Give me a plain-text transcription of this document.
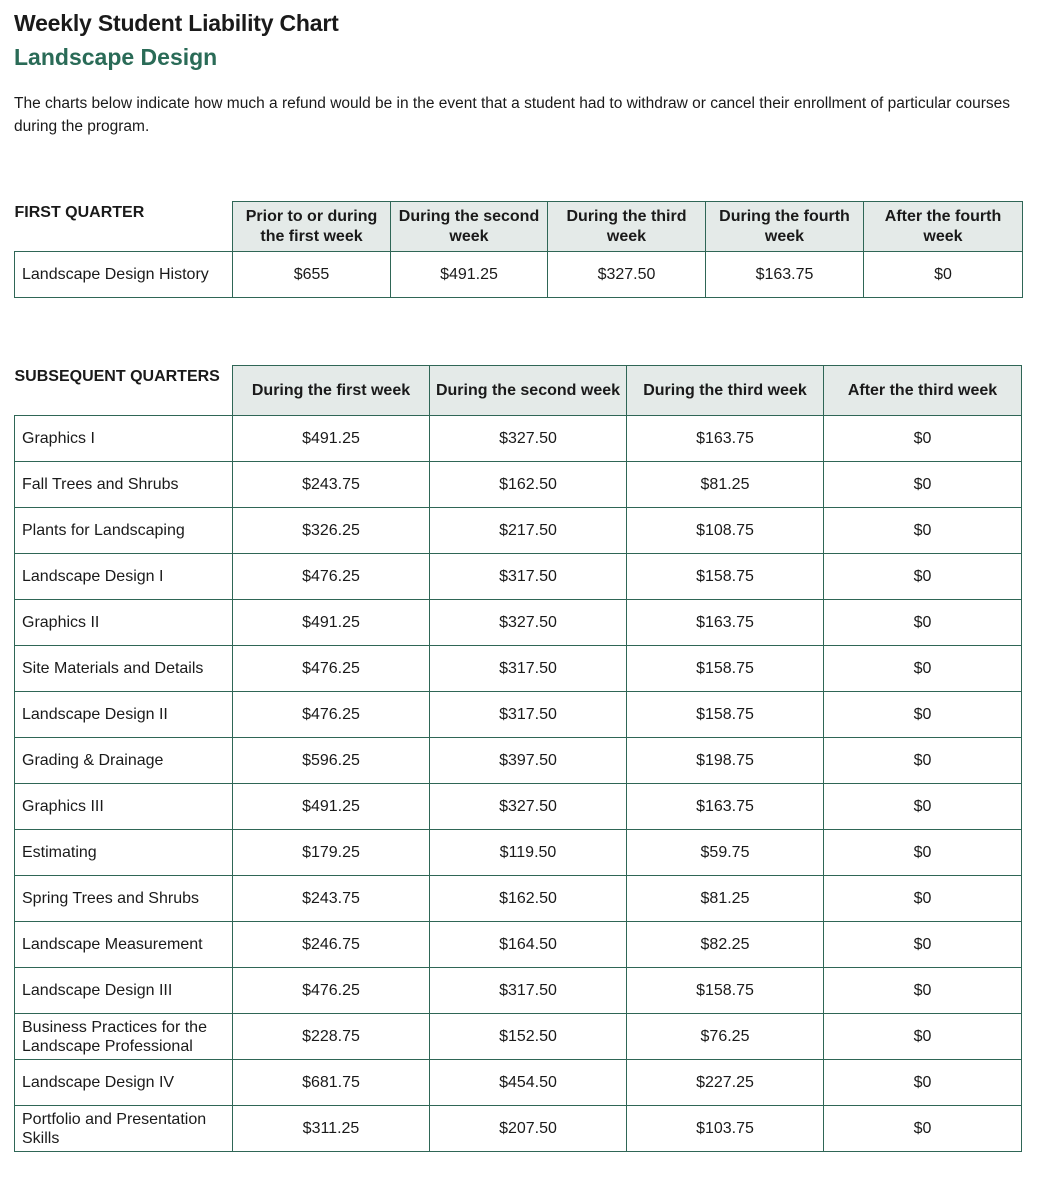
Weekly Student Liability Chart
Landscape Design
The charts below indicate how much a refund would be in the event that a student had to withdraw or cancel their enrollment of particular courses during the program.
FIRST QUARTER	Prior to or during the first week	During the second week	During the third week	During the fourth week	After the fourth week
Landscape Design History	$655	$491.25	$327.50	$163.75	$0
SUBSEQUENT QUARTERS	During the first week	During the second week	During the third week	After the third week
Graphics I	$491.25	$327.50	$163.75	$0
Fall Trees and Shrubs	$243.75	$162.50	$81.25	$0
Plants for Landscaping	$326.25	$217.50	$108.75	$0
Landscape Design I	$476.25	$317.50	$158.75	$0
Graphics II	$491.25	$327.50	$163.75	$0
Site Materials and Details	$476.25	$317.50	$158.75	$0
Landscape Design II	$476.25	$317.50	$158.75	$0
Grading & Drainage	$596.25	$397.50	$198.75	$0
Graphics III	$491.25	$327.50	$163.75	$0
Estimating	$179.25	$119.50	$59.75	$0
Spring Trees and Shrubs	$243.75	$162.50	$81.25	$0
Landscape Measurement	$246.75	$164.50	$82.25	$0
Landscape Design III	$476.25	$317.50	$158.75	$0
Business Practices for the Landscape Professional	$228.75	$152.50	$76.25	$0
Landscape Design IV	$681.75	$454.50	$227.25	$0
Portfolio and Presentation Skills	$311.25	$207.50	$103.75	$0
